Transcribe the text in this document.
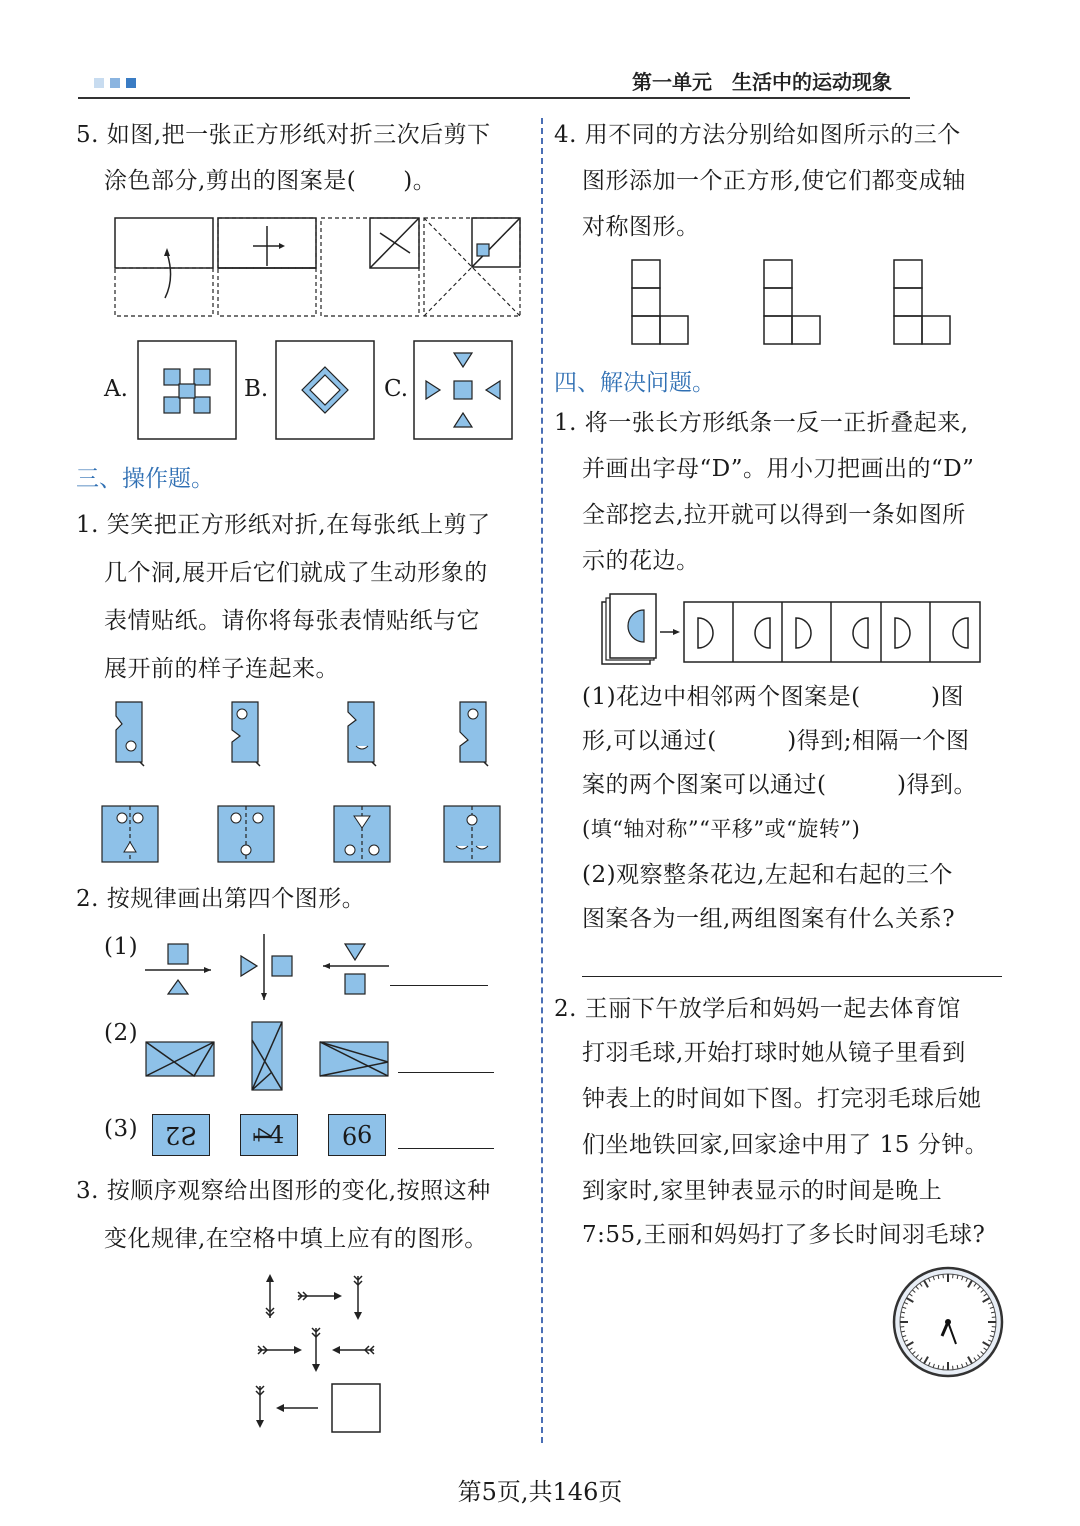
第一单元　生活中的运动现象
5. 如图,把一张正方形纸对折三次后剪下
涂色部分,剪出的图案是(　　)。
A.	B.	C.
三、操作题。
1. 笑笑把正方形纸对折,在每张纸上剪了
几个洞,展开后它们就成了生动形象的
表情贴纸。请你将每张表情贴纸与它
展开前的样子连起来。
2. 按规律画出第四个图形。
(1)
(2)
(3)	2S	44	96
3. 按顺序观察给出图形的变化,按照这种
变化规律,在空格中填上应有的图形。
4. 用不同的方法分别给如图所示的三个
图形添加一个正方形,使它们都变成轴
对称图形。
四、解决问题。
1. 将一张长方形纸条一反一正折叠起来,
并画出字母“D”。用小刀把画出的“D”
全部挖去,拉开就可以得到一条如图所
示的花边。
(1)花边中相邻两个图案是(　　　)图
形,可以通过(　　　)得到;相隔一个图
案的两个图案可以通过(　　　)得到。
(填“轴对称”“平移”或“旋转”)
(2)观察整条花边,左起和右起的三个
图案各为一组,两组图案有什么关系?
2. 王丽下午放学后和妈妈一起去体育馆
打羽毛球,开始打球时她从镜子里看到
钟表上的时间如下图。打完羽毛球后她
们坐地铁回家,回家途中用了 15 分钟。
到家时,家里钟表显示的时间是晚上
7:55,王丽和妈妈打了多长时间羽毛球?
第5页,共146页
